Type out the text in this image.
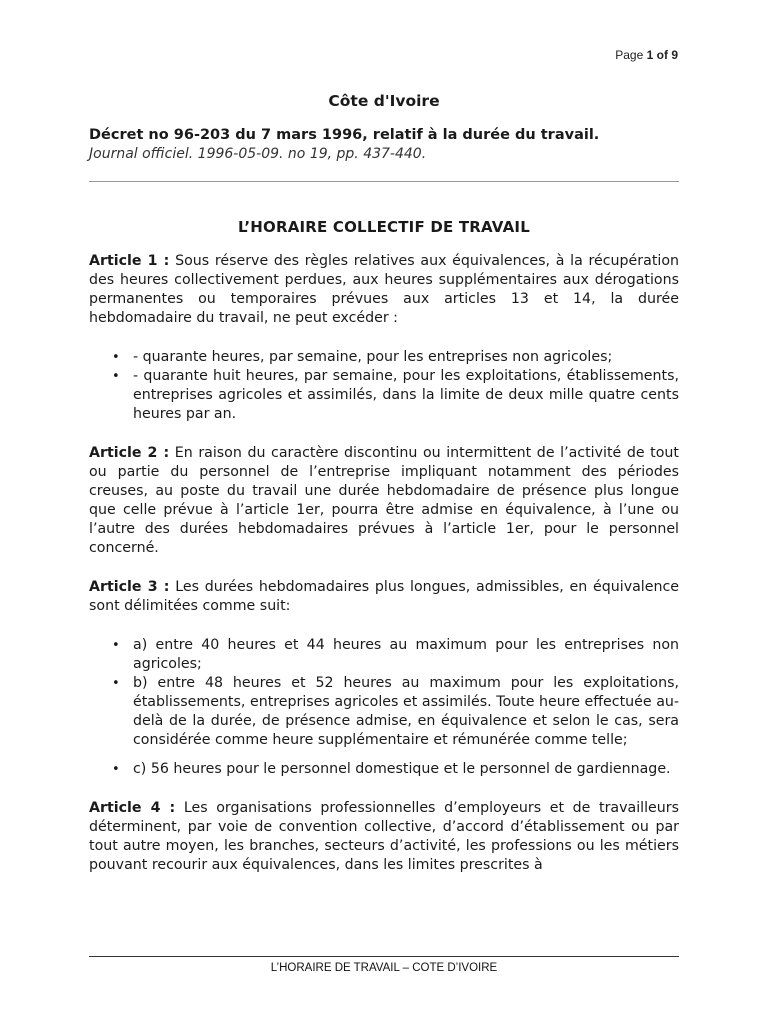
Page 1 of 9
Côte d'Ivoire
Décret no 96-203 du 7 mars 1996, relatif à la durée du travail.
Journal officiel. 1996-05-09. no 19, pp. 437-440.
L’HORAIRE COLLECTIF DE TRAVAIL

Article 1 : Sous réserve des règles relatives aux équivalences, à la récupération des heures collectivement perdues, aux heures supplémentaires aux dérogations permanentes ou temporaires prévues aux articles 13 et 14, la durée hebdomadaire du travail, ne peut excéder :

• - quarante heures, par semaine, pour les entreprises non agricoles;
• - quarante huit heures, par semaine, pour les exploitations, établissements, entreprises agricoles et assimilés, dans la limite de deux mille quatre cents heures par an.

Article 2 : En raison du caractère discontinu ou intermittent de l’activité de tout ou partie du personnel de l’entreprise impliquant notamment des périodes creuses, au poste du travail une durée hebdomadaire de présence plus longue que celle prévue à l’article 1er, pourra être admise en équivalence, à l’une ou l’autre des durées hebdomadaires prévues à l’article 1er, pour le personnel concerné.

Article 3 : Les durées hebdomadaires plus longues, admissibles, en équivalence sont délimitées comme suit:

• a) entre 40 heures et 44 heures au maximum pour les entreprises non agricoles;
• b) entre 48 heures et 52 heures au maximum pour les exploitations, établissements, entreprises agricoles et assimilés. Toute heure effectuée au-delà de la durée, de présence admise, en équivalence et selon le cas, sera considérée comme heure supplémentaire et rémunérée comme telle;
• c) 56 heures pour le personnel domestique et le personnel de gardiennage.

Article 4 : Les organisations professionnelles d’employeurs et de travailleurs déterminent, par voie de convention collective, d’accord d’établissement ou par tout autre moyen, les branches, secteurs d’activité, les professions ou les métiers pouvant recourir aux équivalences, dans les limites prescrites à

L’HORAIRE DE TRAVAIL – COTE D’IVOIRE
